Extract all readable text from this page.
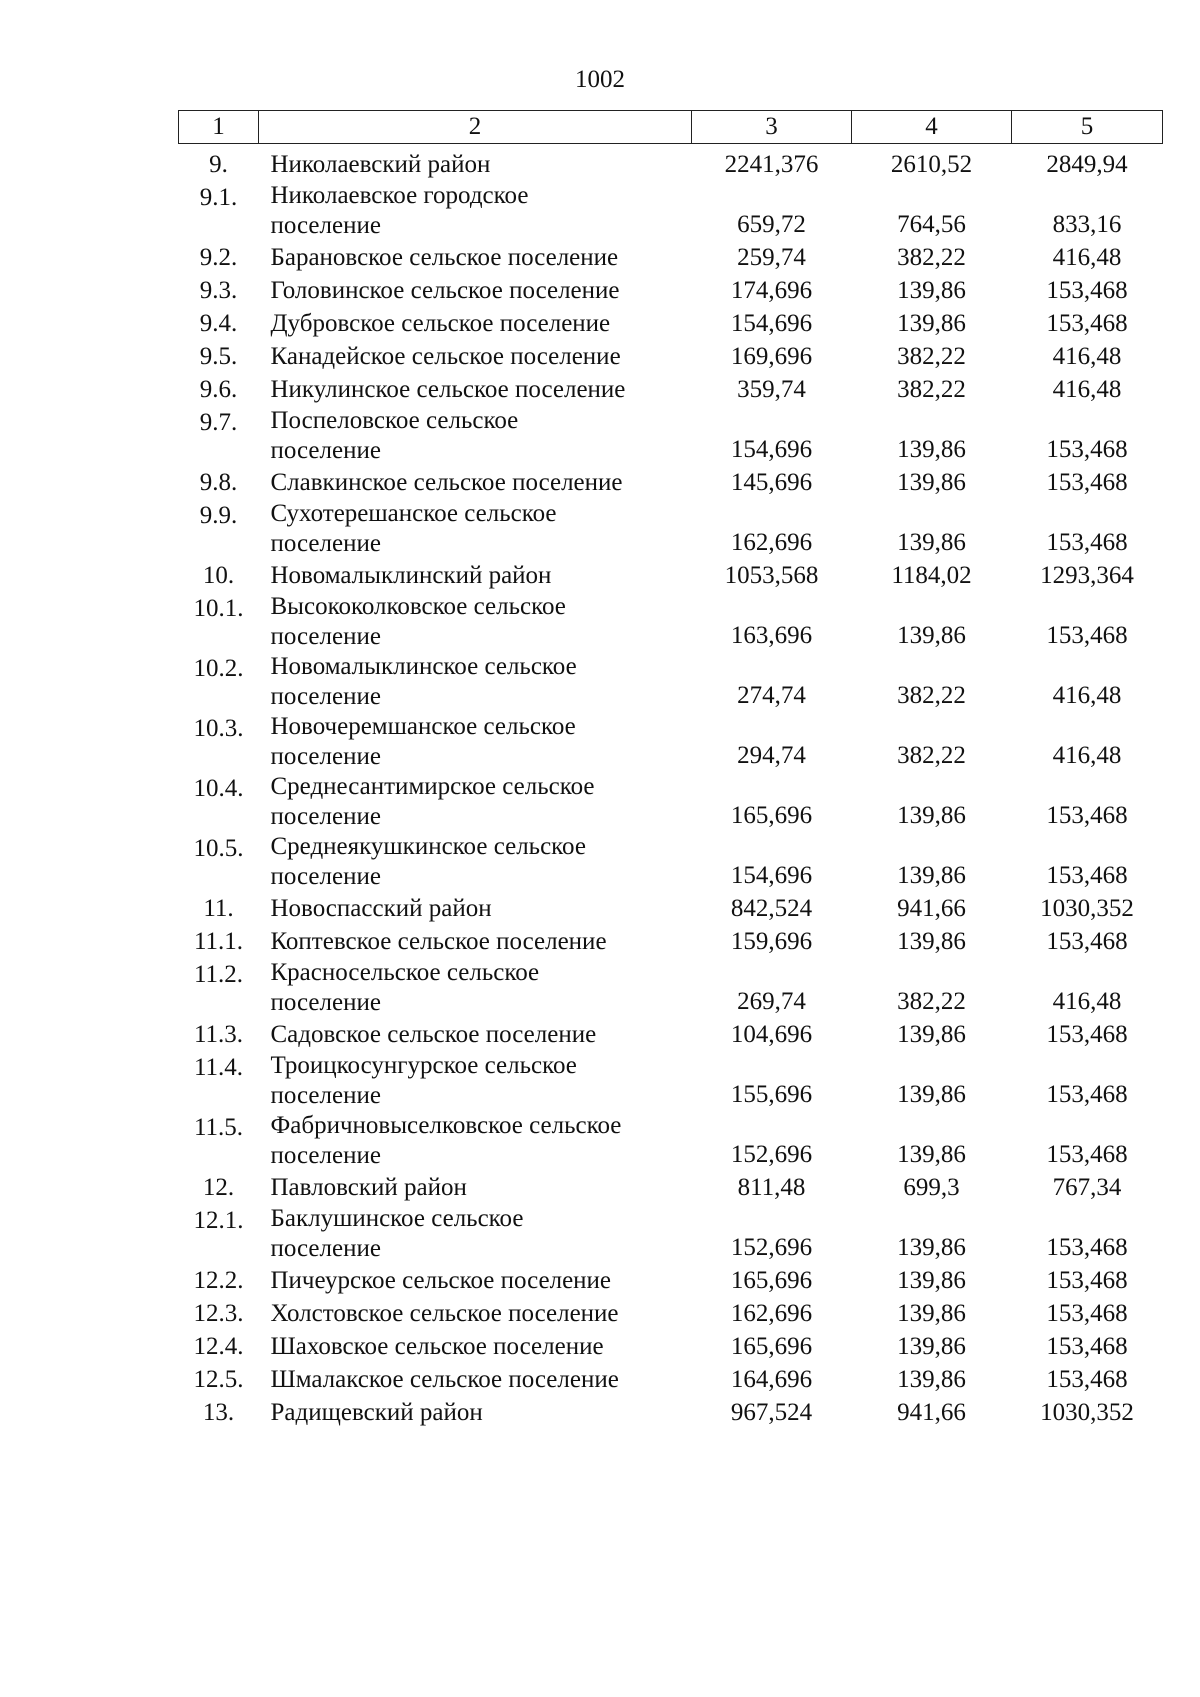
1002
1	2	3	4	5
9.	Николаевский район	2241,376	2610,52	2849,94
9.1.	Николаевское городское поселение	659,72	764,56	833,16
9.2.	Барановское сельское поселение	259,74	382,22	416,48
9.3.	Головинское сельское поселение	174,696	139,86	153,468
9.4.	Дубровское сельское поселение	154,696	139,86	153,468
9.5.	Канадейское сельское поселение	169,696	382,22	416,48
9.6.	Никулинское сельское поселение	359,74	382,22	416,48
9.7.	Поспеловское сельское поселение	154,696	139,86	153,468
9.8.	Славкинское сельское поселение	145,696	139,86	153,468
9.9.	Сухотерешанское сельское поселение	162,696	139,86	153,468
10.	Новомалыклинский район	1053,568	1184,02	1293,364
10.1.	Высококолковское сельское поселение	163,696	139,86	153,468
10.2.	Новомалыклинское сельское поселение	274,74	382,22	416,48
10.3.	Новочеремшанское сельское поселение	294,74	382,22	416,48
10.4.	Среднесантимирское сельское поселение	165,696	139,86	153,468
10.5.	Среднеякушкинское сельское поселение	154,696	139,86	153,468
11.	Новоспасский район	842,524	941,66	1030,352
11.1.	Коптевское сельское поселение	159,696	139,86	153,468
11.2.	Красносельское сельское поселение	269,74	382,22	416,48
11.3.	Садовское сельское поселение	104,696	139,86	153,468
11.4.	Троицкосунгурское сельское поселение	155,696	139,86	153,468
11.5.	Фабричновыселковское сельское поселение	152,696	139,86	153,468
12.	Павловский район	811,48	699,3	767,34
12.1.	Баклушинское сельское поселение	152,696	139,86	153,468
12.2.	Пичеурское сельское поселение	165,696	139,86	153,468
12.3.	Холстовское сельское поселение	162,696	139,86	153,468
12.4.	Шаховское сельское поселение	165,696	139,86	153,468
12.5.	Шмалакское сельское поселение	164,696	139,86	153,468
13.	Радищевский район	967,524	941,66	1030,352
